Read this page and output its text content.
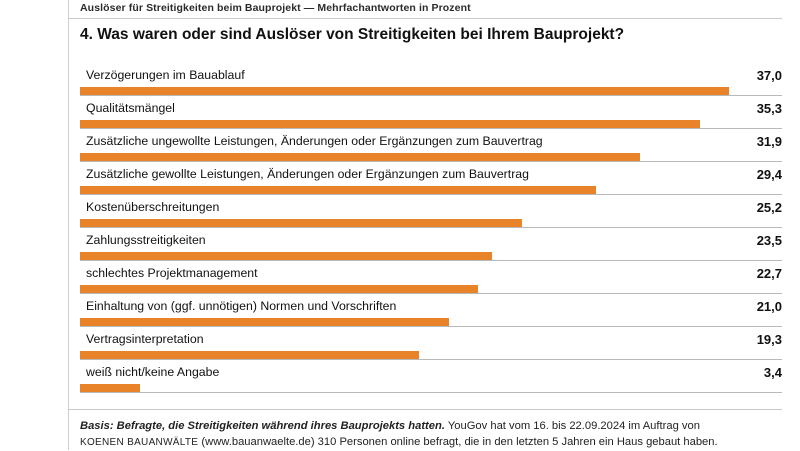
Auslöser für Streitigkeiten beim Bauprojekt — Mehrfachantworten in Prozent
4. Was waren oder sind Auslöser von Streitigkeiten bei Ihrem Bauprojekt?
Verzögerungen im Bauablauf	37,0
Qualitätsmängel	35,3
Zusätzliche ungewollte Leistungen, Änderungen oder Ergänzungen zum Bauvertrag	31,9
Zusätzliche gewollte Leistungen, Änderungen oder Ergänzungen zum Bauvertrag	29,4
Kostenüberschreitungen	25,2
Zahlungsstreitigkeiten	23,5
schlechtes Projektmanagement	22,7
Einhaltung von (ggf. unnötigen) Normen und Vorschriften	21,0
Vertragsinterpretation	19,3
weiß nicht/keine Angabe	3,4
Basis: Befragte, die Streitigkeiten während ihres Bauprojekts hatten. YouGov hat vom 16. bis 22.09.2024 im Auftrag von
KOENEN BAUANWÄLTE (www.bauanwaelte.de) 310 Personen online befragt, die in den letzten 5 Jahren ein Haus gebaut haben.
